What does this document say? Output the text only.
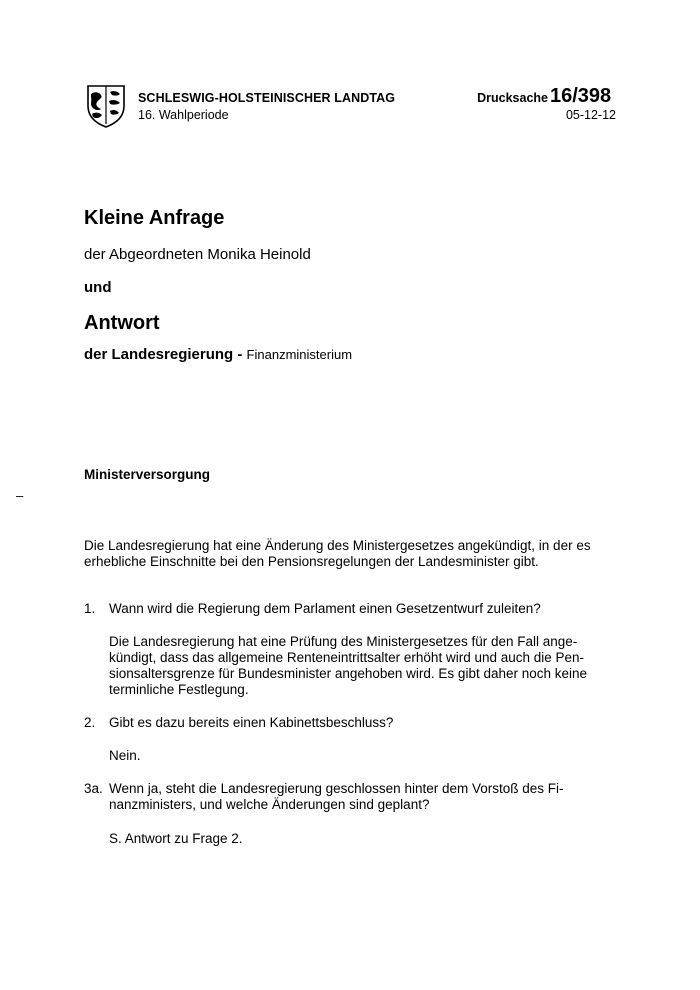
SCHLESWIG-HOLSTEINISCHER LANDTAG
16. Wahlperiode
Drucksache 16/398
05-12-12
Kleine Anfrage
der Abgeordneten Monika Heinold
und
Antwort
der Landesregierung - Finanzministerium
Ministerversorgung
–
Die Landesregierung hat eine Änderung des Ministergesetzes angekündigt, in der es erhebliche Einschnitte bei den Pensionsregelungen der Landesminister gibt.
1. Wann wird die Regierung dem Parlament einen Gesetzentwurf zuleiten?
Die Landesregierung hat eine Prüfung des Ministergesetzes für den Fall ange-
kündigt, dass das allgemeine Renteneintrittsalter erhöht wird und auch die Pen-
sionsaltersgrenze für Bundesminister angehoben wird. Es gibt daher noch keine
terminliche Festlegung.
2. Gibt es dazu bereits einen Kabinettsbeschluss?
Nein.
3a. Wenn ja, steht die Landesregierung geschlossen hinter dem Vorstoß des Fi-
nanzministers, und welche Änderungen sind geplant?
S. Antwort zu Frage 2.
